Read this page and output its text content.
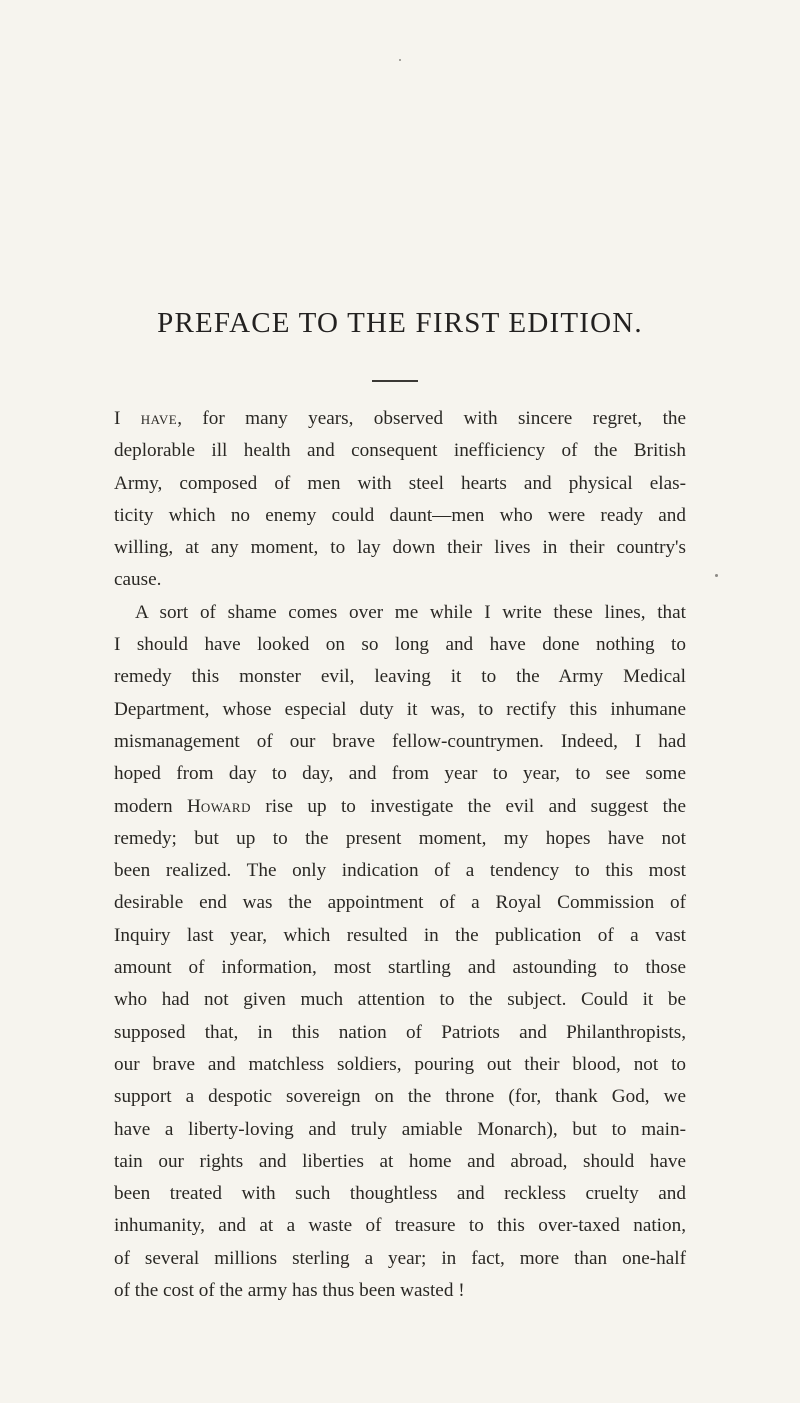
PREFACE TO THE FIRST EDITION.
I have, for many years, observed with sincere regret, the
deplorable ill health and consequent inefficiency of the British
Army, composed of men with steel hearts and physical elas-
ticity which no enemy could daunt—men who were ready and
willing, at any moment, to lay down their lives in their country's
cause.
A sort of shame comes over me while I write these lines, that
I should have looked on so long and have done nothing to
remedy this monster evil, leaving it to the Army Medical
Department, whose especial duty it was, to rectify this inhumane
mismanagement of our brave fellow-countrymen. Indeed, I had
hoped from day to day, and from year to year, to see some
modern Howard rise up to investigate the evil and suggest the
remedy; but up to the present moment, my hopes have not
been realized. The only indication of a tendency to this most
desirable end was the appointment of a Royal Commission of
Inquiry last year, which resulted in the publication of a vast
amount of information, most startling and astounding to those
who had not given much attention to the subject. Could it be
supposed that, in this nation of Patriots and Philanthropists,
our brave and matchless soldiers, pouring out their blood, not to
support a despotic sovereign on the throne (for, thank God, we
have a liberty-loving and truly amiable Monarch), but to main-
tain our rights and liberties at home and abroad, should have
been treated with such thoughtless and reckless cruelty and
inhumanity, and at a waste of treasure to this over-taxed nation,
of several millions sterling a year; in fact, more than one-half
of the cost of the army has thus been wasted !
